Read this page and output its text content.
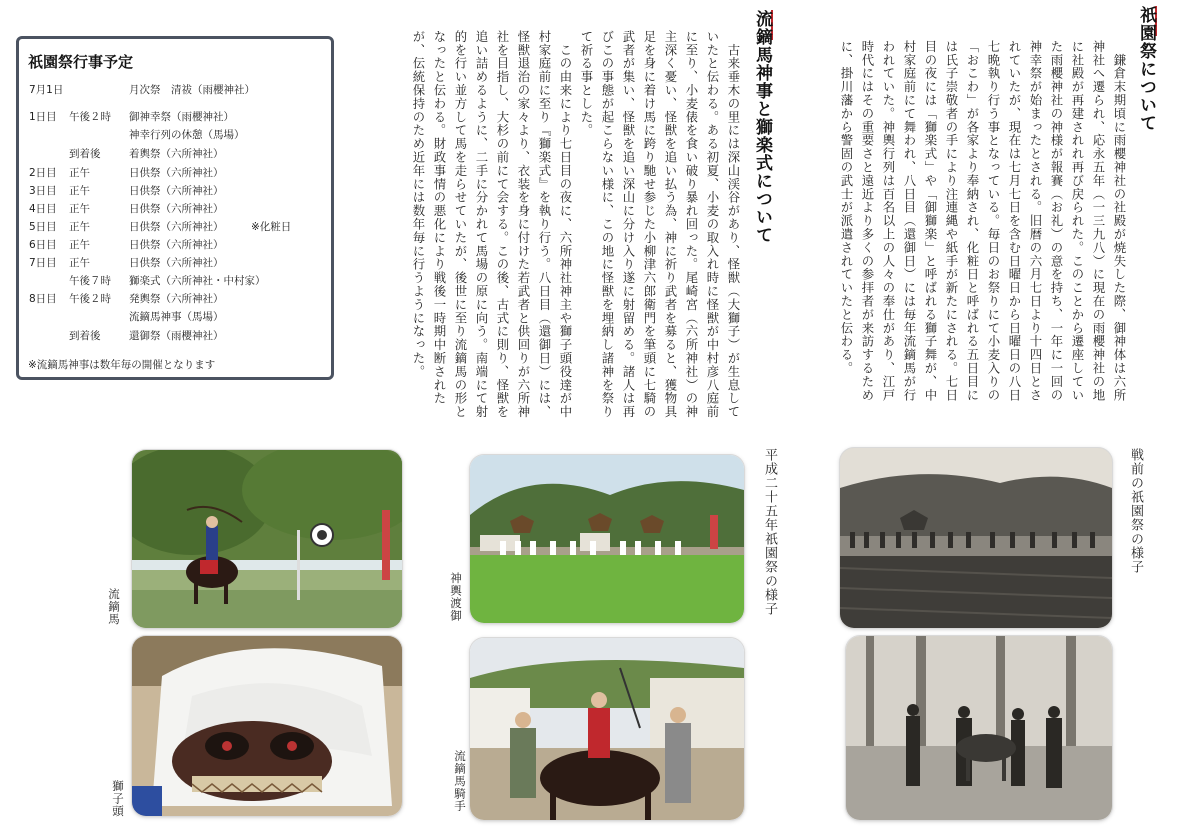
祇園祭行事予定
7月1日	月次祭　清祓（雨櫻神社）
1日目 午後２時 御神幸祭（雨櫻神社）
神幸行列の休憩（馬場）
到着後	着輿祭（六所神社）
2日目 正午	日供祭（六所神社）
3日目 正午	日供祭（六所神社）
4日目 正午	日供祭（六所神社）
5日目 正午	日供祭（六所神社）	※化粧日
6日目 正午	日供祭（六所神社）
7日目 正午	日供祭（六所神社）
午後７時 獅楽式（六所神社・中村家）
8日目 午後２時 発輿祭（六所神社）
流鏑馬神事（馬場）
到着後	還御祭（雨櫻神社）
※流鏑馬神事は数年毎の開催となります
祇園祭について
　鎌倉末期頃に雨櫻神社の社殿が焼失した際、御神体は六所神社へ遷られ、応永五年（一三九八）に現在の雨櫻神社の地に社殿が再建されれ再び戻られた。このことから遷座していた雨櫻神社の神様が報賽（お礼）の意を持ち、一年に一回の神幸祭が始まったとされる。旧暦の六月七日より十四日とされていたが、現在は七月七日を含む日曜日から日曜日の八日七晩執り行う事となっている。毎日のお祭りにて小麦入りの「おこわ」が各家より奉納され、化粧日と呼ばれる五日目には氏子崇敬者の手により注連縄や紙手が新たにされる。七日目の夜には「獅楽式」や「御獅楽」と呼ばれる獅子舞が、中村家庭前にて舞われ、八日目（還御日）には毎年流鏑馬が行われていた。神輿行列は百名以上の人々の奉仕があり、江戸時代にはその重要さと遠近より多くの参拝者が来訪するために、掛川藩から警固の武士が派遣されていたと伝わる。
流鏑馬神事と獅楽式について
　古来垂木の里には深山渓谷があり、怪獣（大獅子）が生息していたと伝わる。ある初夏、小麦の取入れ時に怪獣が中村彦八庭前に至り、小麦俵を食い破り暴れ回った。尾崎宮（六所神社）の神主深く憂い、怪獣を追い払う為、神に祈り武者を募ると、獲物具足を身に着け馬に跨り馳せ参じた小柳津六郎衛門を筆頭に七騎の武者が集い、怪獣を追い深山に分け入り遂に射留める。諸人は再びこの事態が起こらない様に、この地に怪獣を埋納し諸神を祭りて祈る事とした。
　この由来により七日目の夜に、六所神社神主や獅子頭役達が中村家庭前に至り『獅楽式』を執り行う。八日目（還御日）には、怪獣退治の家々より、衣装を身に付けた若武者と供回りが六所神社を目指し、大杉の前にて会する。この後、古式に則り、怪獣を追い詰めるように、二手に分かれて馬場の原に向う。南端にて射的を行い並方して馬を走らせていたが、後世に至り流鏑馬の形となったと伝わる。財政事情の悪化により戦後一時期中断されたが、伝統保持のため近年には数年毎に行うようになった。
平成二十五年祇園祭の様子	戦前の祇園祭の様子
流鏑馬
獅子頭
神輿渡御
流鏑馬騎手
